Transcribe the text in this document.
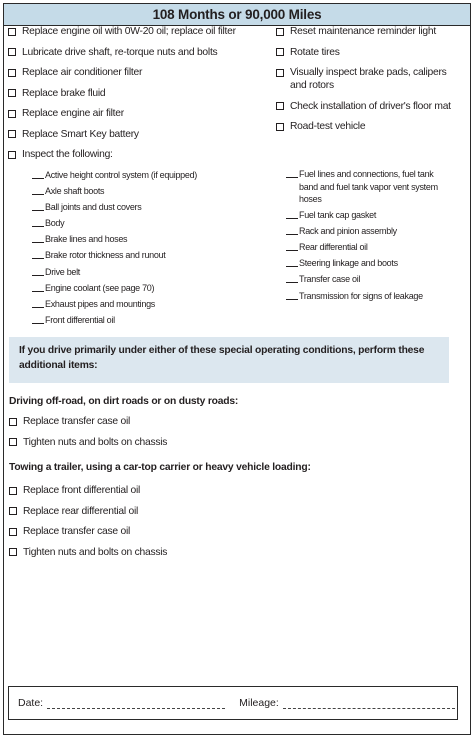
108 Months or 90,000 Miles
Replace engine oil with 0W-20 oil; replace oil filter
Lubricate drive shaft, re-torque nuts and bolts
Replace air conditioner filter
Replace brake fluid
Replace engine air filter
Replace Smart Key battery
Inspect the following:
Reset maintenance reminder light
Rotate tires
Visually inspect brake pads, calipers and rotors
Check installation of driver's floor mat
Road-test vehicle
Active height control system (if equipped)
Axle shaft boots
Ball joints and dust covers
Body
Brake lines and hoses
Brake rotor thickness and runout
Drive belt
Engine coolant (see page 70)
Exhaust pipes and mountings
Front differential oil
Fuel lines and connections, fuel tank band and fuel tank vapor vent system hoses
Fuel tank cap gasket
Rack and pinion assembly
Rear differential oil
Steering linkage and boots
Transfer case oil
Transmission for signs of leakage
If you drive primarily under either of these special operating conditions, perform these additional items:
Driving off-road, on dirt roads or on dusty roads:
Replace transfer case oil
Tighten nuts and bolts on chassis
Towing a trailer, using a car-top carrier or heavy vehicle loading:
Replace front differential oil
Replace rear differential oil
Replace transfer case oil
Tighten nuts and bolts on chassis
Date:	Mileage:
